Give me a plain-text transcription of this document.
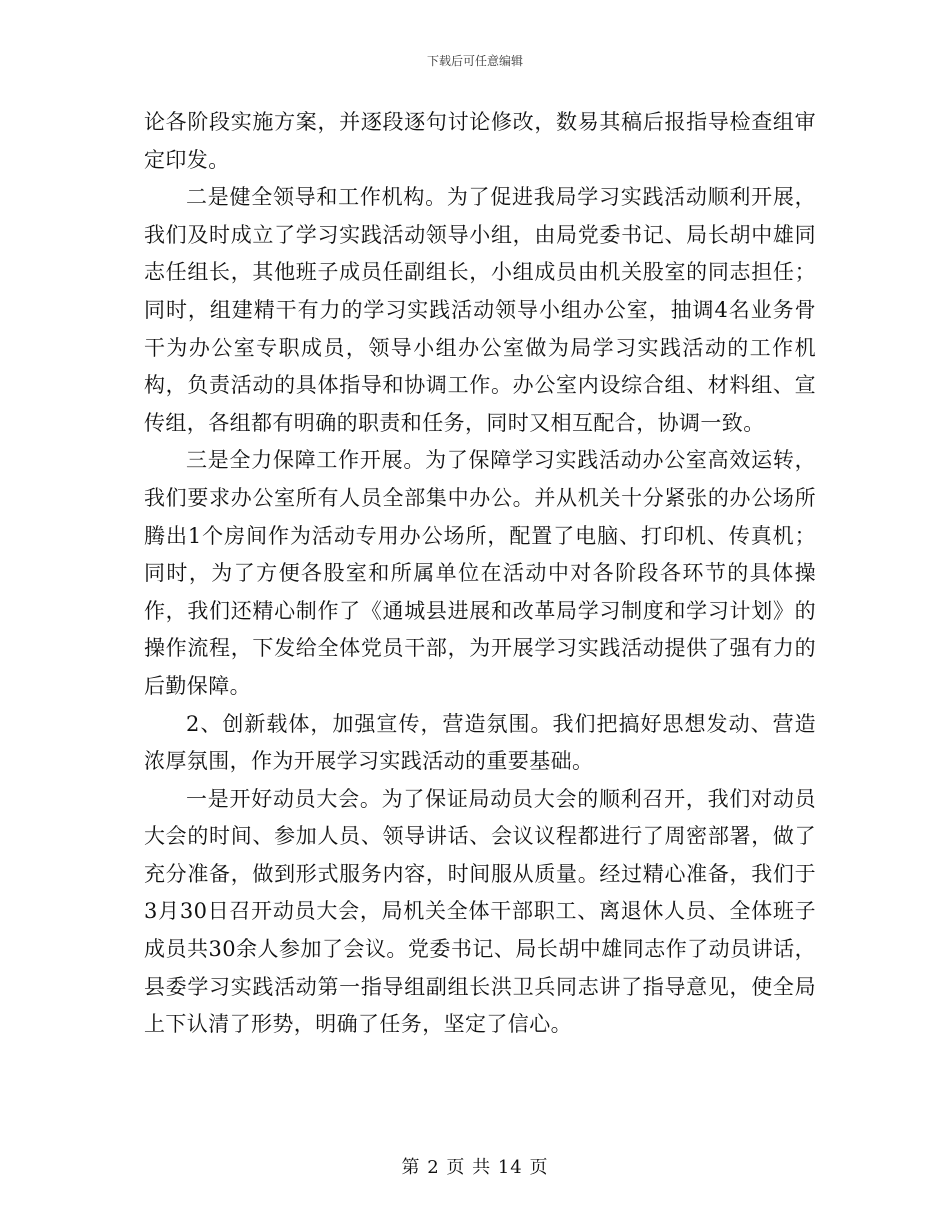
下载后可任意编辑

论各阶段实施方案，并逐段逐句讨论修改，数易其稿后报指导检查组审定印发。

二是健全领导和工作机构。为了促进我局学习实践活动顺利开展，我们及时成立了学习实践活动领导小组，由局党委书记、局长胡中雄同志任组长，其他班子成员任副组长，小组成员由机关股室的同志担任；同时，组建精干有力的学习实践活动领导小组办公室，抽调4名业务骨干为办公室专职成员，领导小组办公室做为局学习实践活动的工作机构，负责活动的具体指导和协调工作。办公室内设综合组、材料组、宣传组，各组都有明确的职责和任务，同时又相互配合，协调一致。

三是全力保障工作开展。为了保障学习实践活动办公室高效运转，我们要求办公室所有人员全部集中办公。并从机关十分紧张的办公场所腾出1个房间作为活动专用办公场所，配置了电脑、打印机、传真机；同时，为了方便各股室和所属单位在活动中对各阶段各环节的具体操作，我们还精心制作了《通城县进展和改革局学习制度和学习计划》的操作流程，下发给全体党员干部，为开展学习实践活动提供了强有力的后勤保障。

2、创新载体，加强宣传，营造氛围。我们把搞好思想发动、营造浓厚氛围，作为开展学习实践活动的重要基础。

一是开好动员大会。为了保证局动员大会的顺利召开，我们对动员大会的时间、参加人员、领导讲话、会议议程都进行了周密部署，做了充分准备，做到形式服务内容，时间服从质量。经过精心准备，我们于3月30日召开动员大会，局机关全体干部职工、离退休人员、全体班子成员共30余人参加了会议。党委书记、局长胡中雄同志作了动员讲话，县委学习实践活动第一指导组副组长洪卫兵同志讲了指导意见，使全局上下认清了形势，明确了任务，坚定了信心。

第 2 页 共 14 页
